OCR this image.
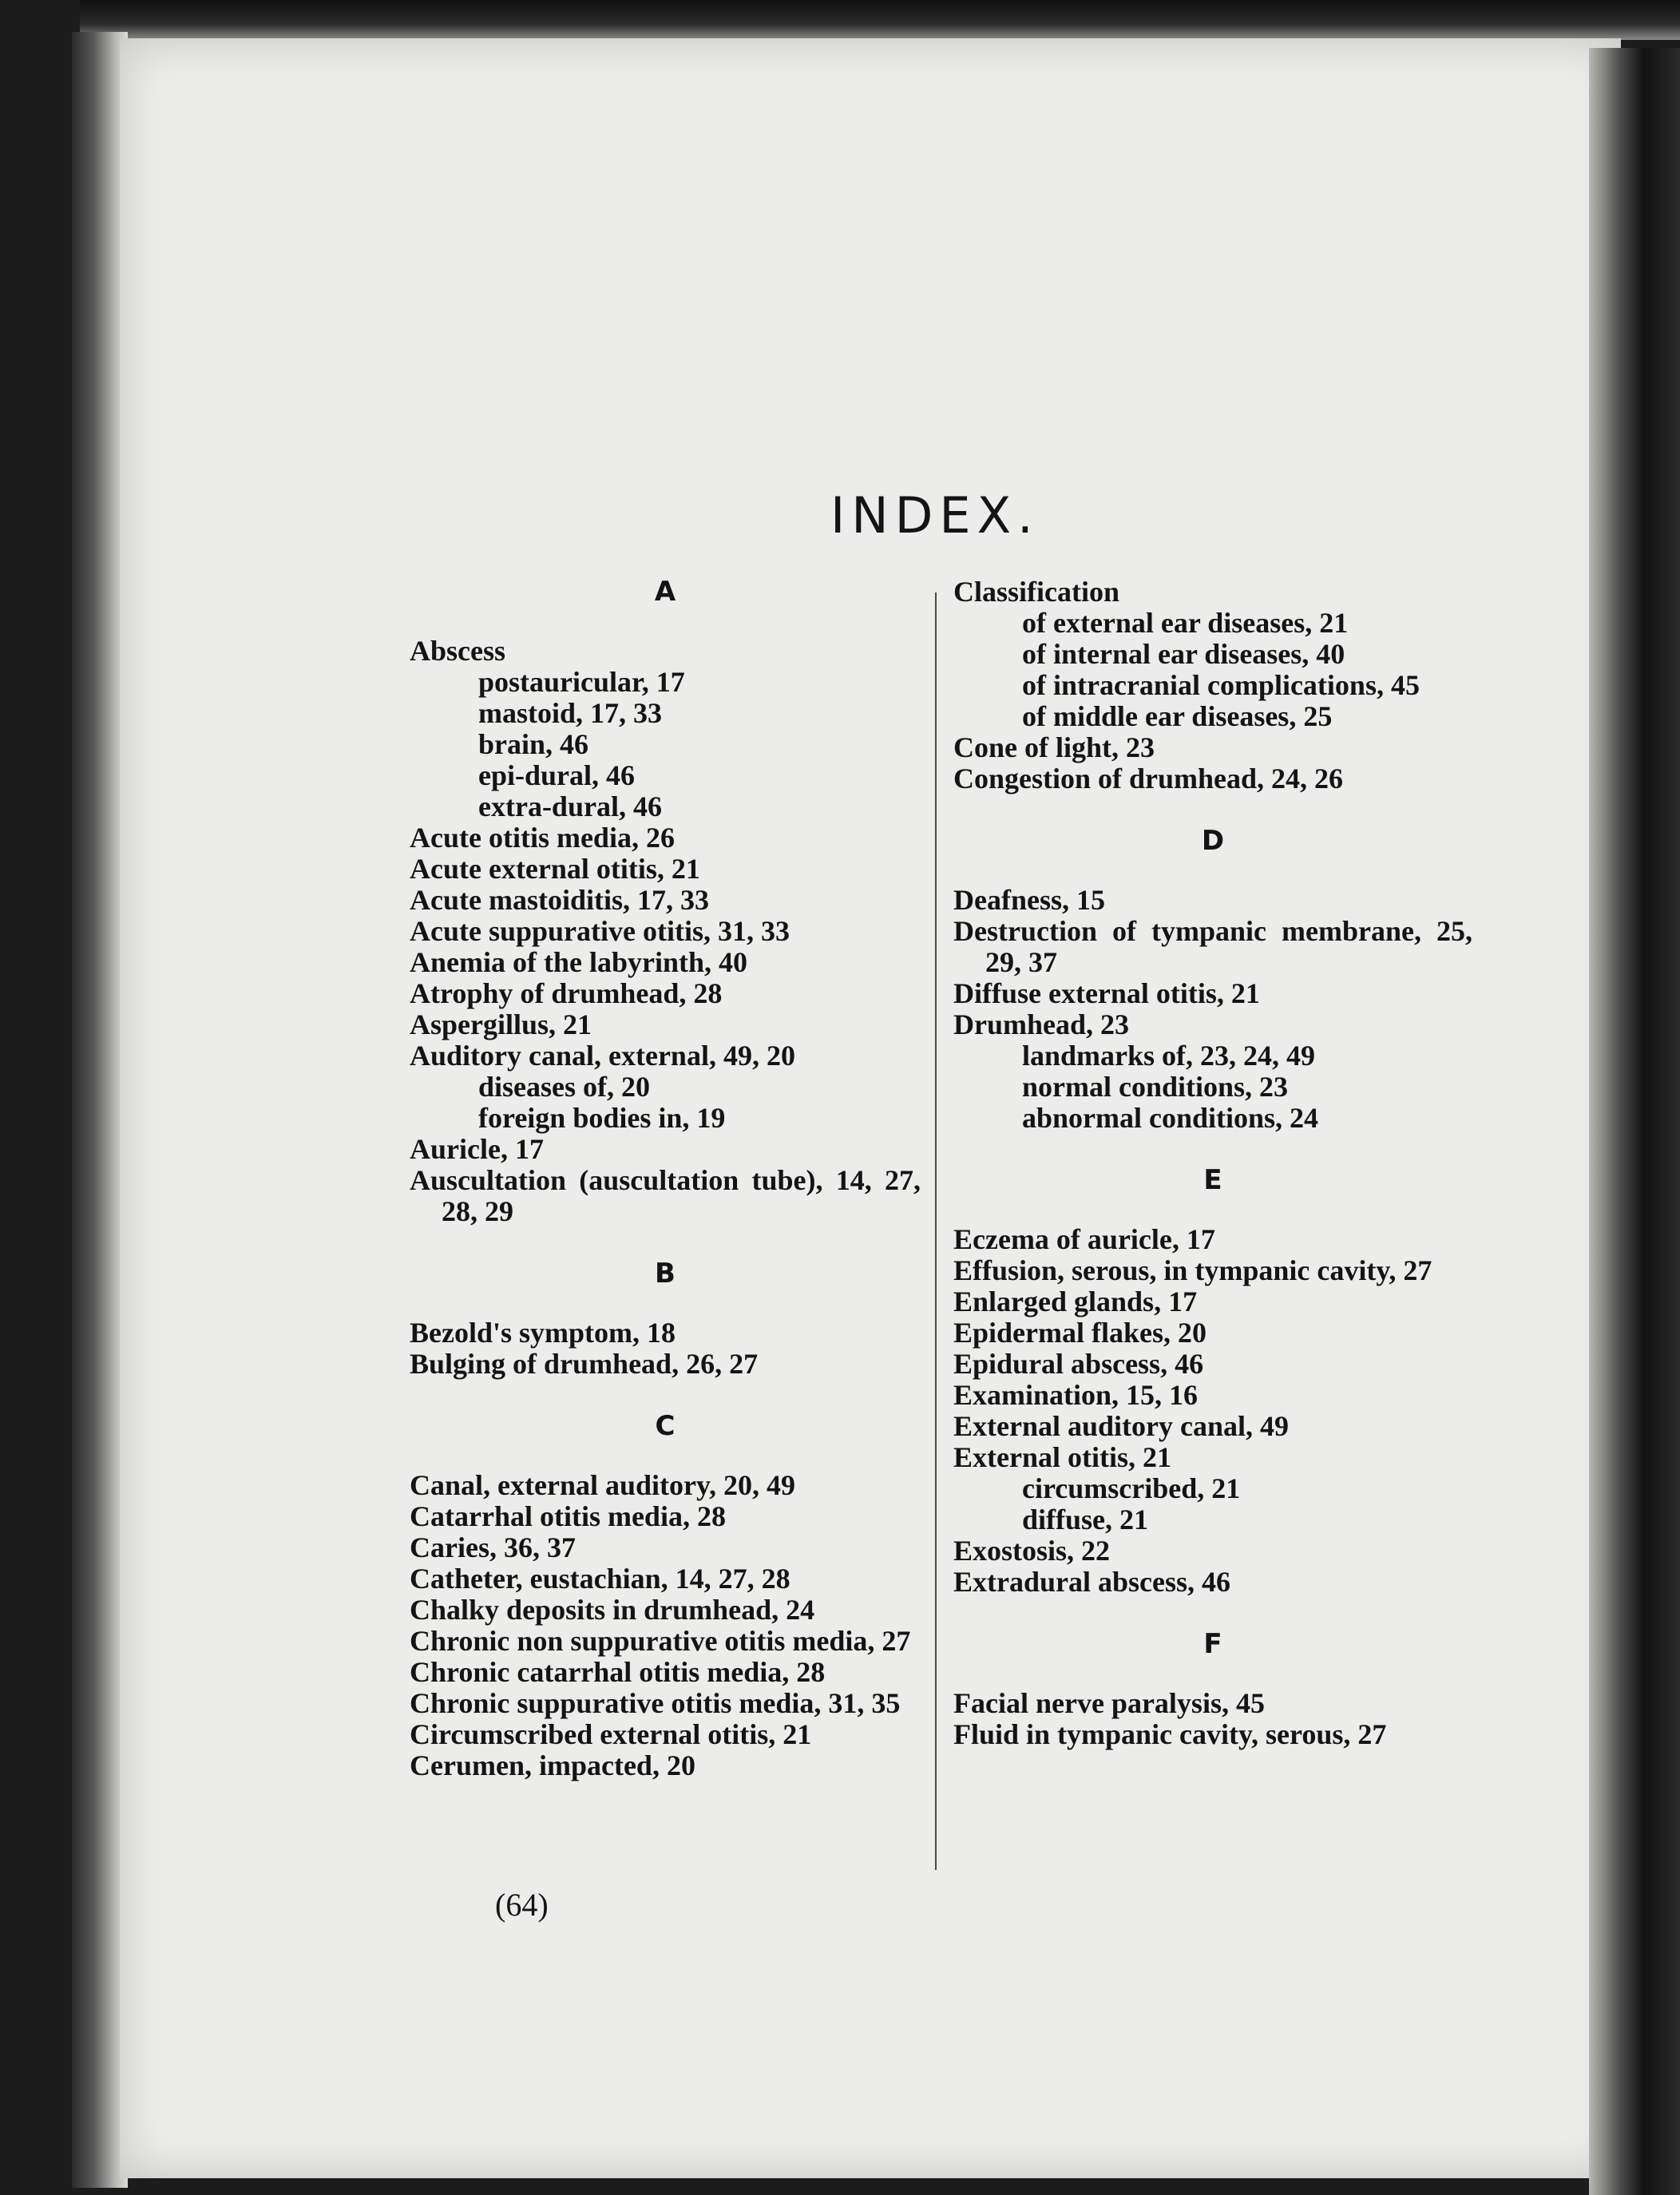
INDEX.
A
Abscess
postauricular, 17
mastoid, 17, 33
brain, 46
epi-dural, 46
extra-dural, 46
Acute otitis media, 26
Acute external otitis, 21
Acute mastoiditis, 17, 33
Acute suppurative otitis, 31, 33
Anemia of the labyrinth, 40
Atrophy of drumhead, 28
Aspergillus, 21
Auditory canal, external, 49, 20
diseases of, 20
foreign bodies in, 19
Auricle, 17
Auscultation (auscultation tube), 14, 27, 28, 29
B
Bezold's symptom, 18
Bulging of drumhead, 26, 27
C
Canal, external auditory, 20, 49
Catarrhal otitis media, 28
Caries, 36, 37
Catheter, eustachian, 14, 27, 28
Chalky deposits in drumhead, 24
Chronic non suppurative otitis media, 27
Chronic catarrhal otitis media, 28
Chronic suppurative otitis media, 31, 35
Circumscribed external otitis, 21
Cerumen, impacted, 20
Classification
of external ear diseases, 21
of internal ear diseases, 40
of intracranial complications, 45
of middle ear diseases, 25
Cone of light, 23
Congestion of drumhead, 24, 26
D
Deafness, 15
Destruction of tympanic membrane, 25, 29, 37
Diffuse external otitis, 21
Drumhead, 23
landmarks of, 23, 24, 49
normal conditions, 23
abnormal conditions, 24
E
Eczema of auricle, 17
Effusion, serous, in tympanic cavity, 27
Enlarged glands, 17
Epidermal flakes, 20
Epidural abscess, 46
Examination, 15, 16
External auditory canal, 49
External otitis, 21
circumscribed, 21
diffuse, 21
Exostosis, 22
Extradural abscess, 46
F
Facial nerve paralysis, 45
Fluid in tympanic cavity, serous, 27

(64)
